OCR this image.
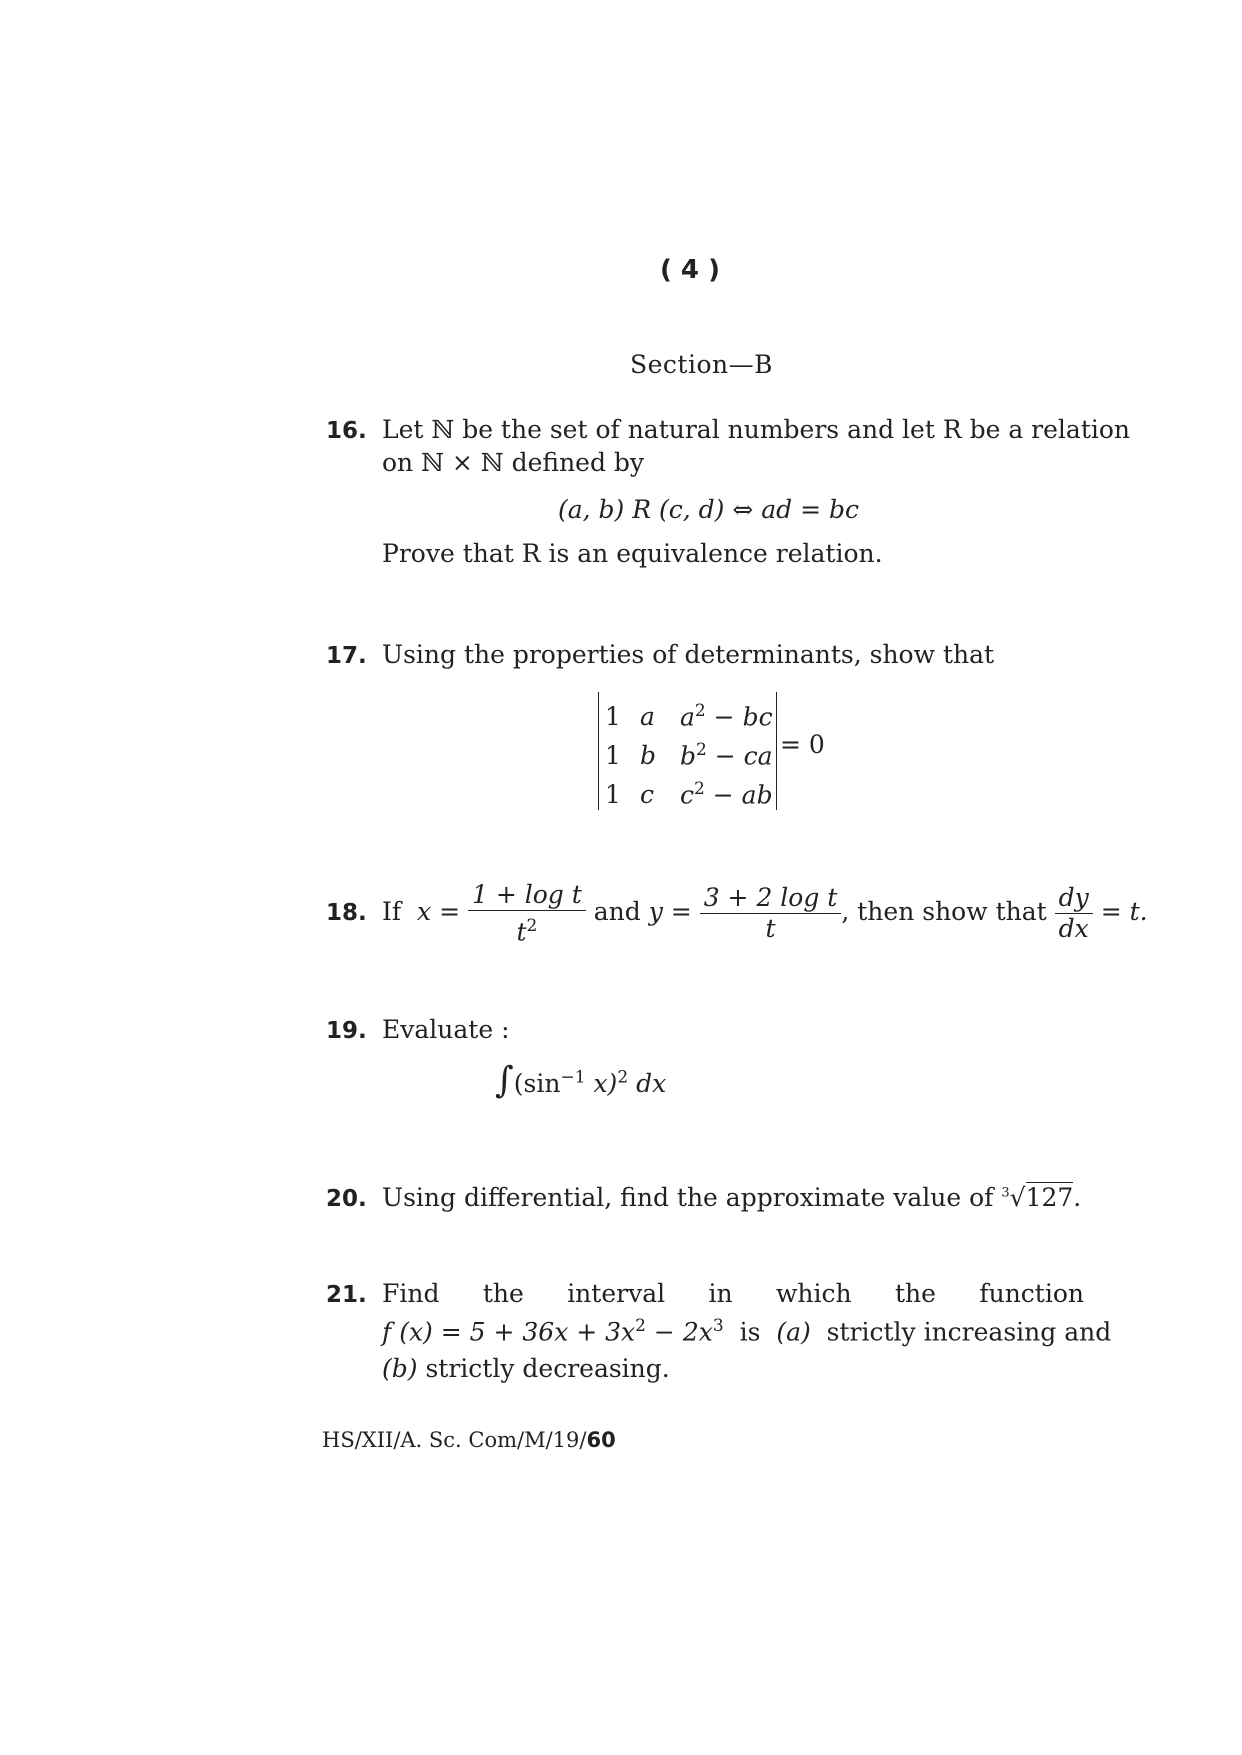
( 4 )
Section—B
16. Let ℕ be the set of natural numbers and let R be a relation
on ℕ × ℕ defined by
(a, b) R (c, d) ⇔ ad = bc
Prove that R is an equivalence relation.
17. Using the properties of determinants, show that
1 a $a^2$ − bc
1 b $b^2$ − ca
1 c $c^2$ − ab
= 0
18. If $x = \frac{\text{1 + log t}}{t^2}$ and $y = \frac{\text{3 + 2 log t}}{t}$ , then show that $\frac{dy}{dx} = t$.
19. Evaluate :
$\int(\sin^{-1}$ x)$^2$ dx
20. Using differential, find the approximate value of $^3$√127.
21. Find the interval in which the function
f $(x) = 5 + 36x + 3x^2 - 2x^3$ is (a) strictly increasing and
(b) strictly decreasing.
HS/XII/A. Sc. Com/M/19/60
